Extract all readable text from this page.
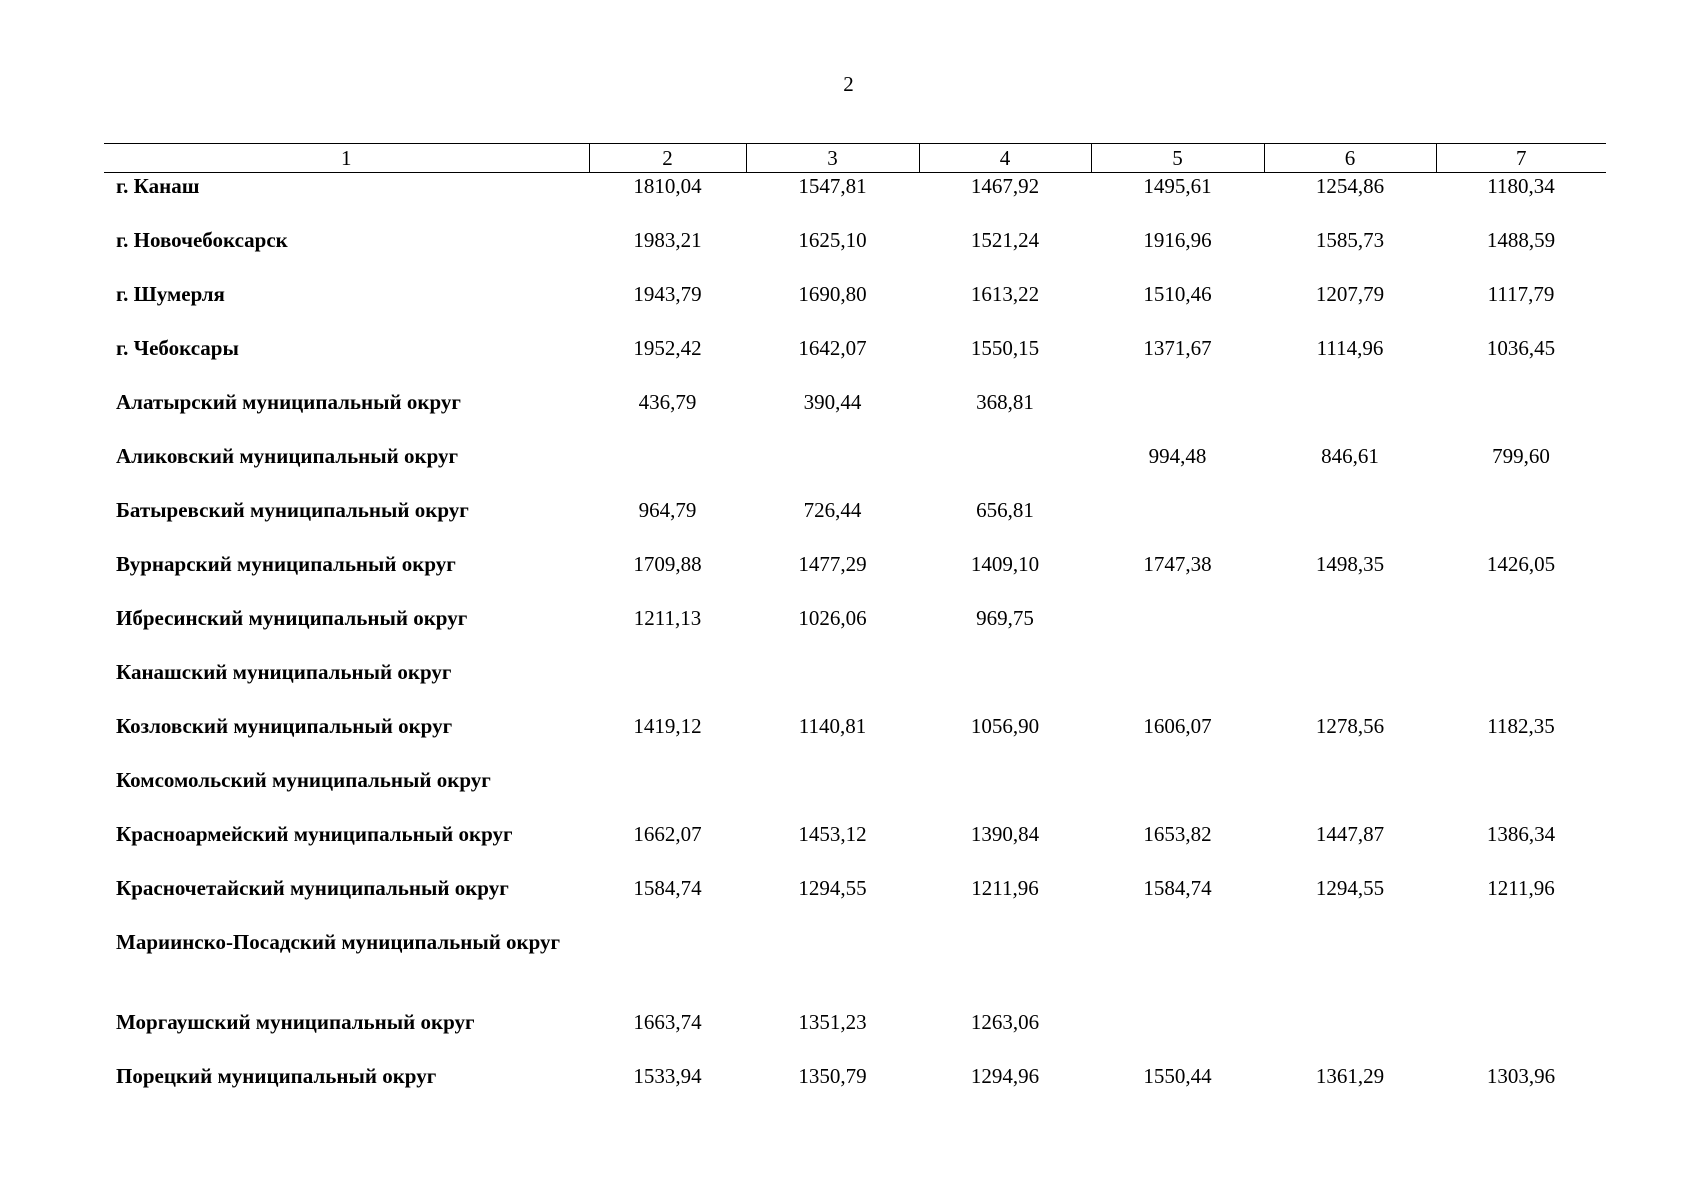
2
1	2	3	4	5	6	7
г. Канаш	1810,04	1547,81	1467,92	1495,61	1254,86	1180,34
г. Новочебоксарск	1983,21	1625,10	1521,24	1916,96	1585,73	1488,59
г. Шумерля	1943,79	1690,80	1613,22	1510,46	1207,79	1117,79
г. Чебоксары	1952,42	1642,07	1550,15	1371,67	1114,96	1036,45
Алатырский муниципальный округ	436,79	390,44	368,81			
Аликовский муниципальный округ				994,48	846,61	799,60
Батыревский муниципальный округ	964,79	726,44	656,81			
Вурнарский муниципальный округ	1709,88	1477,29	1409,10	1747,38	1498,35	1426,05
Ибресинский муниципальный округ	1211,13	1026,06	969,75			
Канашский муниципальный округ						
Козловский муниципальный округ	1419,12	1140,81	1056,90	1606,07	1278,56	1182,35
Комсомольский муниципальный округ						
Красноармейский муниципальный округ	1662,07	1453,12	1390,84	1653,82	1447,87	1386,34
Красночетайский муниципальный округ	1584,74	1294,55	1211,96	1584,74	1294,55	1211,96

Мариинско-Посадский муниципальный округ						

Моргаушский муниципальный округ	1663,74	1351,23	1263,06			
Порецкий муниципальный округ	1533,94	1350,79	1294,96	1550,44	1361,29	1303,96
